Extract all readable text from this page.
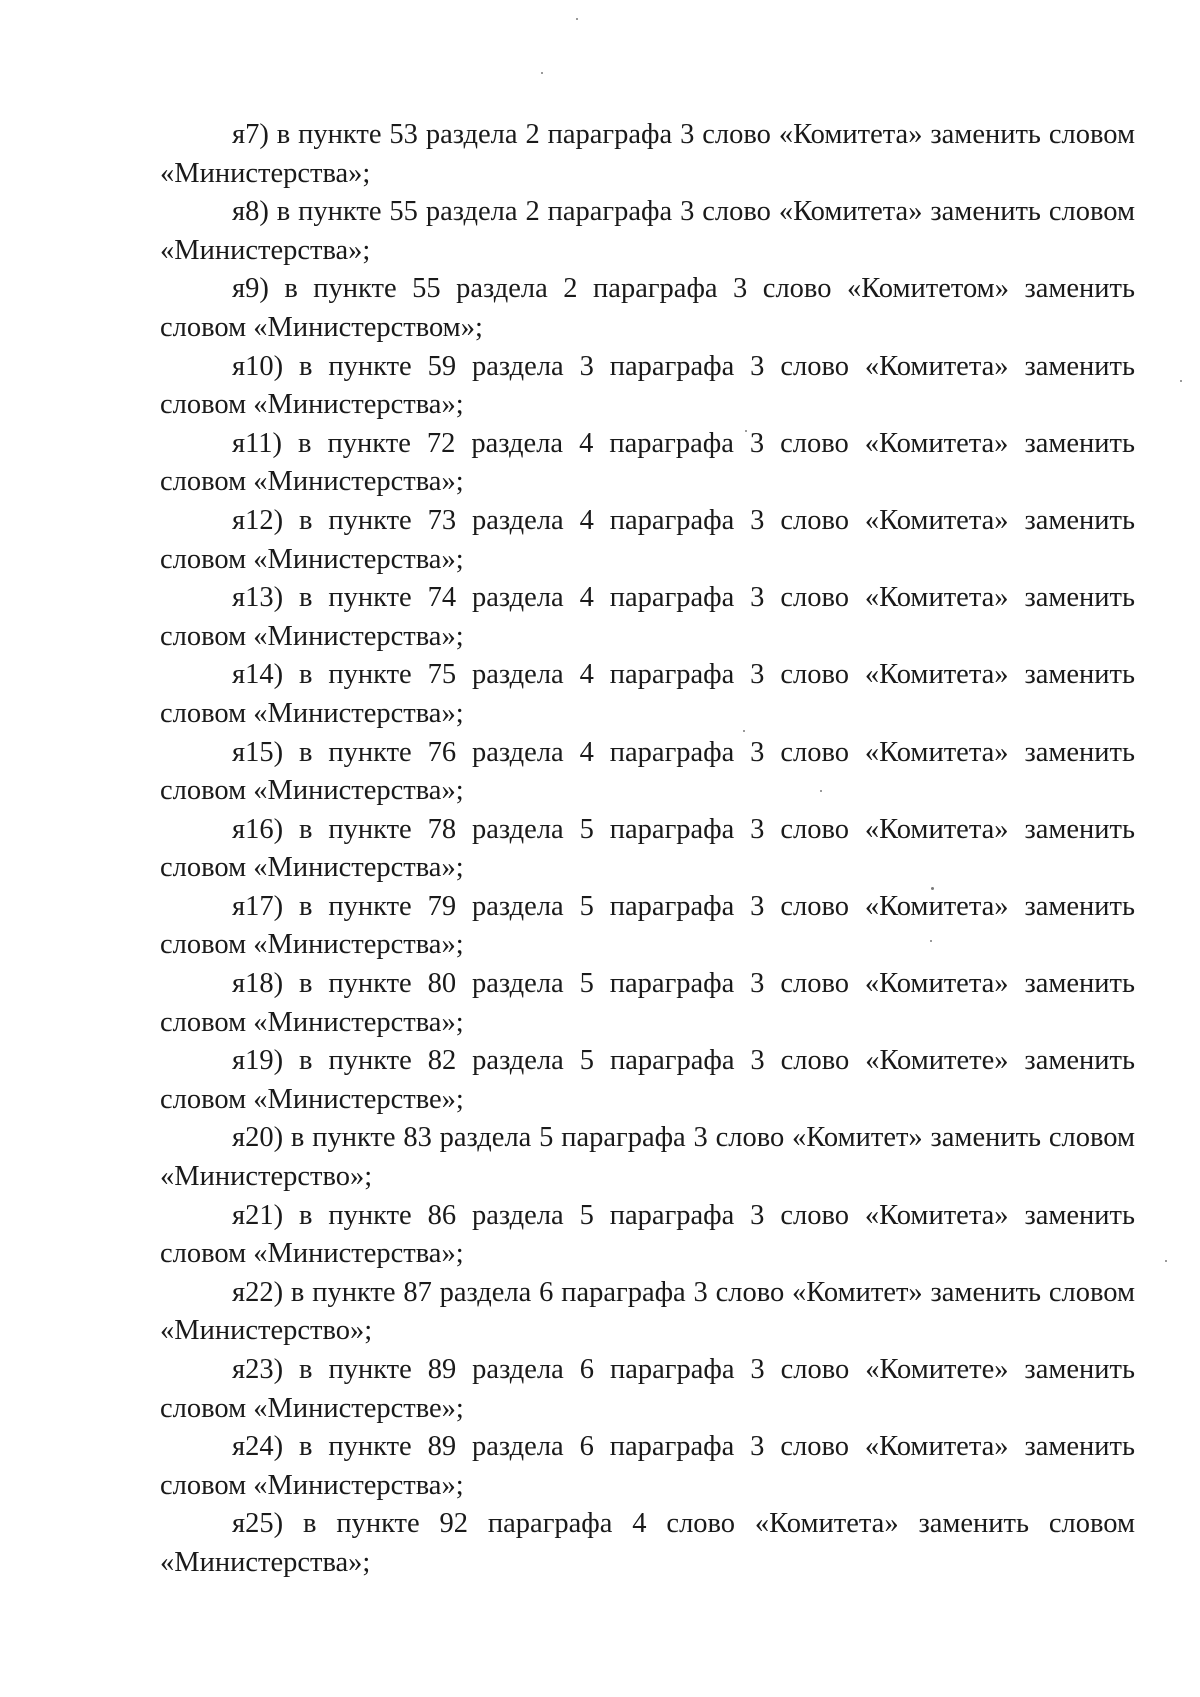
я7) в пункте 53 раздела 2 параграфа 3 слово «Комитета» заменить словом «Министерства»;

я8) в пункте 55 раздела 2 параграфа 3 слово «Комитета» заменить словом «Министерства»;

я9) в пункте 55 раздела 2 параграфа 3 слово «Комитетом» заменить словом «Министерством»;

я10) в пункте 59 раздела 3 параграфа 3 слово «Комитета» заменить словом «Министерства»;

я11) в пункте 72 раздела 4 параграфа 3 слово «Комитета» заменить словом «Министерства»;

я12) в пункте 73 раздела 4 параграфа 3 слово «Комитета» заменить словом «Министерства»;

я13) в пункте 74 раздела 4 параграфа 3 слово «Комитета» заменить словом «Министерства»;

я14) в пункте 75 раздела 4 параграфа 3 слово «Комитета» заменить словом «Министерства»;

я15) в пункте 76 раздела 4 параграфа 3 слово «Комитета» заменить словом «Министерства»;

я16) в пункте 78 раздела 5 параграфа 3 слово «Комитета» заменить словом «Министерства»;

я17) в пункте 79 раздела 5 параграфа 3 слово «Комитета» заменить словом «Министерства»;

я18) в пункте 80 раздела 5 параграфа 3 слово «Комитета» заменить словом «Министерства»;

я19) в пункте 82 раздела 5 параграфа 3 слово «Комитете» заменить словом «Министерстве»;

я20) в пункте 83 раздела 5 параграфа 3 слово «Комитет» заменить словом «Министерство»;

я21) в пункте 86 раздела 5 параграфа 3 слово «Комитета» заменить словом «Министерства»;

я22) в пункте 87 раздела 6 параграфа 3 слово «Комитет» заменить словом «Министерство»;

я23) в пункте 89 раздела 6 параграфа 3 слово «Комитете» заменить словом «Министерстве»;

я24) в пункте 89 раздела 6 параграфа 3 слово «Комитета» заменить словом «Министерства»;

я25) в пункте 92 параграфа 4 слово «Комитета» заменить словом «Министерства»;
